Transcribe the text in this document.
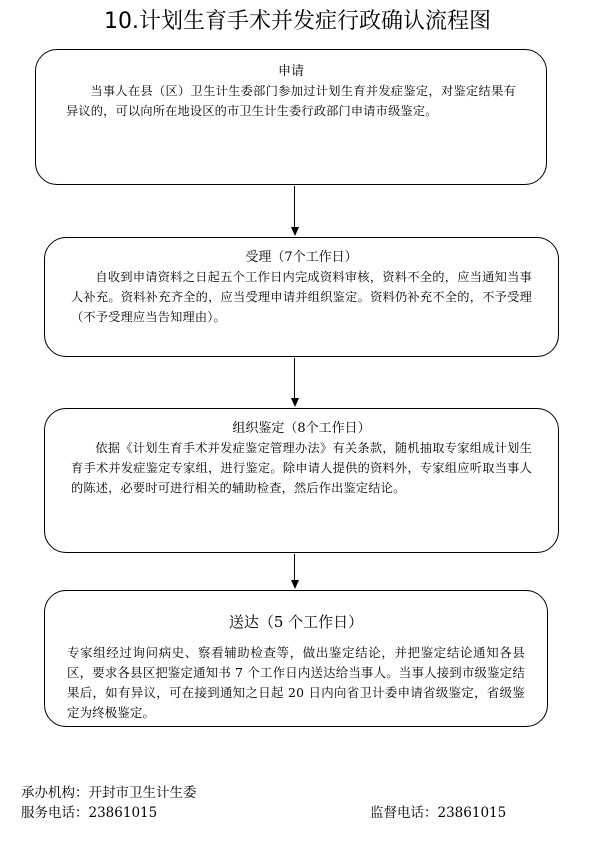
10.计划生育手术并发症行政确认流程图
申请
当事人在县（区）卫生计生委部门参加过计划生育并发症鉴定，对鉴定结果有异议的，可以向所在地设区的市卫生计生委行政部门申请市级鉴定。
受理（7个工作日）
自收到申请资料之日起五个工作日内完成资料审核，资料不全的，应当通知当事人补充。资料补充齐全的，应当受理申请并组织鉴定。资料仍补充不全的，不予受理（不予受理应当告知理由）。
组织鉴定（8个工作日）
依据《计划生育手术并发症鉴定管理办法》有关条款，随机抽取专家组成计划生育手术并发症鉴定专家组，进行鉴定。除申请人提供的资料外，专家组应听取当事人的陈述，必要时可进行相关的辅助检查，然后作出鉴定结论。
送达（5 个工作日）
专家组经过询问病史、察看辅助检查等，做出鉴定结论，并把鉴定结论通知各县区，要求各县区把鉴定通知书 7 个工作日内送达给当事人。当事人接到市级鉴定结果后，如有异议，可在接到通知之日起 20 日内向省卫计委申请省级鉴定，省级鉴定为终极鉴定。
承办机构：开封市卫生计生委
服务电话：23861015	监督电话：23861015
